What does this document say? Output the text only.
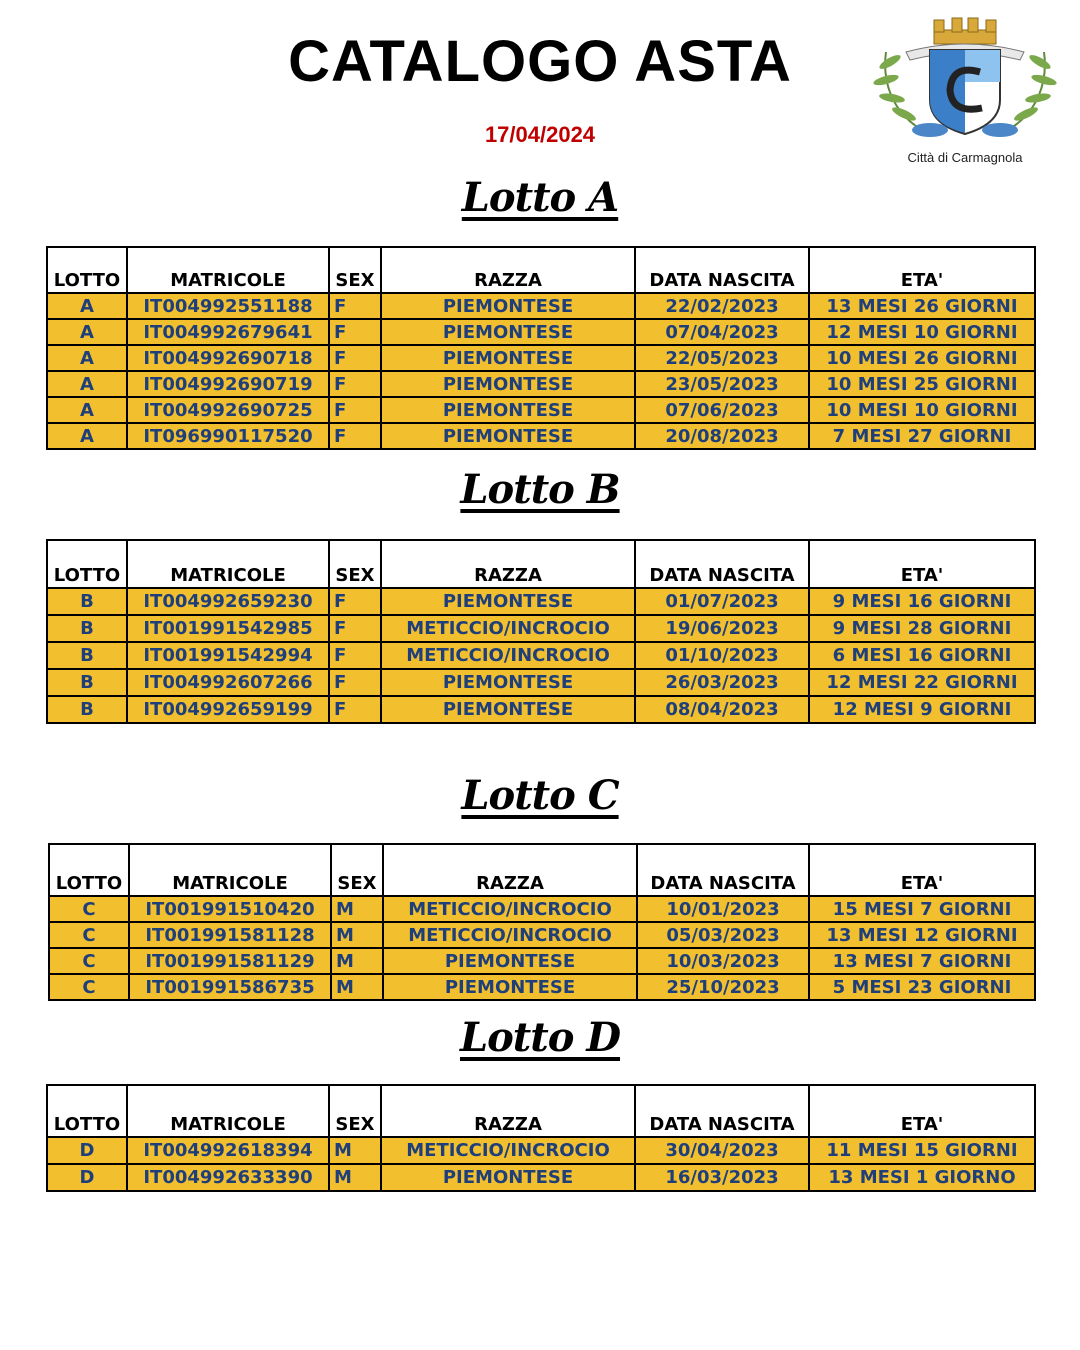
CATALOGO ASTA
17/04/2024
Città di Carmagnola
Lotto A
LOTTO	MATRICOLE	SEX	RAZZA	DATA NASCITA	ETA'
A	IT004992551188	F	PIEMONTESE	22/02/2023	13 MESI 26 GIORNI
A	IT004992679641	F	PIEMONTESE	07/04/2023	12 MESI 10 GIORNI
A	IT004992690718	F	PIEMONTESE	22/05/2023	10 MESI 26 GIORNI
A	IT004992690719	F	PIEMONTESE	23/05/2023	10 MESI 25 GIORNI
A	IT004992690725	F	PIEMONTESE	07/06/2023	10 MESI 10 GIORNI
A	IT096990117520	F	PIEMONTESE	20/08/2023	7 MESI 27 GIORNI
Lotto B
LOTTO	MATRICOLE	SEX	RAZZA	DATA NASCITA	ETA'
B	IT004992659230	F	PIEMONTESE	01/07/2023	9 MESI 16 GIORNI
B	IT001991542985	F	METICCIO/INCROCIO	19/06/2023	9 MESI 28 GIORNI
B	IT001991542994	F	METICCIO/INCROCIO	01/10/2023	6 MESI 16 GIORNI
B	IT004992607266	F	PIEMONTESE	26/03/2023	12 MESI 22 GIORNI
B	IT004992659199	F	PIEMONTESE	08/04/2023	12 MESI 9 GIORNI
Lotto C
LOTTO	MATRICOLE	SEX	RAZZA	DATA NASCITA	ETA'
C	IT001991510420	M	METICCIO/INCROCIO	10/01/2023	15 MESI 7 GIORNI
C	IT001991581128	M	METICCIO/INCROCIO	05/03/2023	13 MESI 12 GIORNI
C	IT001991581129	M	PIEMONTESE	10/03/2023	13 MESI 7 GIORNI
C	IT001991586735	M	PIEMONTESE	25/10/2023	5 MESI 23 GIORNI
Lotto D
LOTTO	MATRICOLE	SEX	RAZZA	DATA NASCITA	ETA'
D	IT004992618394	M	METICCIO/INCROCIO	30/04/2023	11 MESI 15 GIORNI
D	IT004992633390	M	PIEMONTESE	16/03/2023	13 MESI 1 GIORNO
